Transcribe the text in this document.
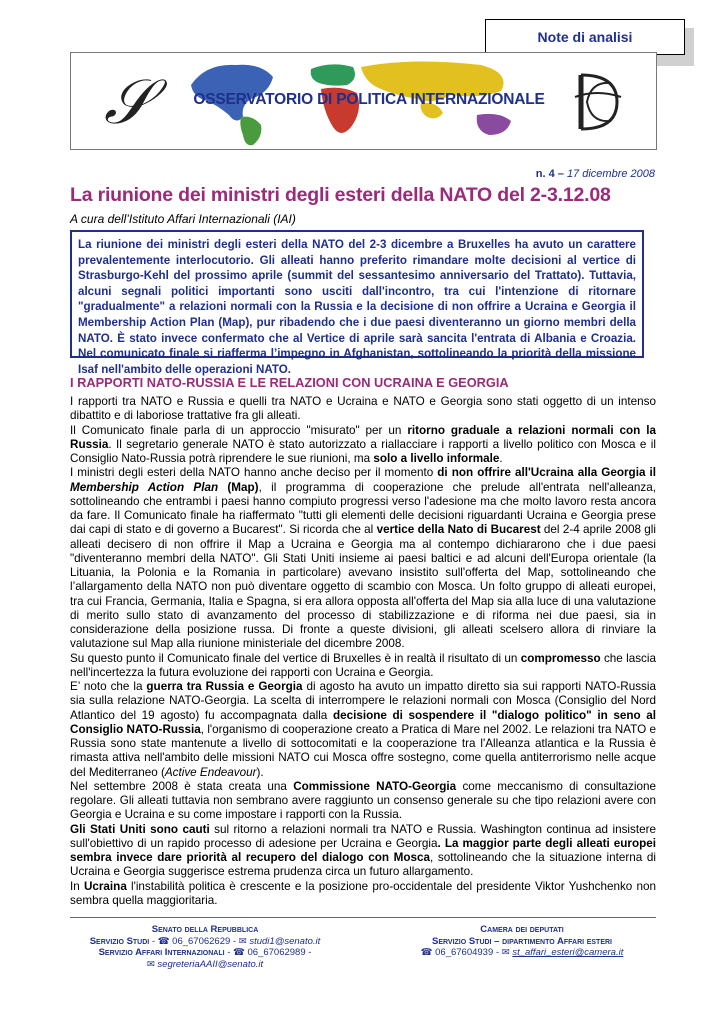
Note di analisi
𝒮	OSSERVATORIO DI POLITICA INTERNAZIONALE
n. 4 – 17 dicembre 2008
La riunione dei ministri degli esteri della NATO del 2-3.12.08
A cura dell’Istituto Affari Internazionali (IAI)
La riunione dei ministri degli esteri della NATO del 2-3 dicembre a Bruxelles ha avuto un carattere prevalentemente interlocutorio. Gli alleati hanno preferito rimandare molte decisioni al vertice di Strasburgo-Kehl del prossimo aprile (summit del sessantesimo anniversario del Trattato). Tuttavia, alcuni segnali politici importanti sono usciti dall'incontro, tra cui l'intenzione di ritornare "gradualmente" a relazioni normali con la Russia e la decisione di non offrire a Ucraina e Georgia il Membership Action Plan (Map), pur ribadendo che i due paesi diventeranno un giorno membri della NATO. È stato invece confermato che al Vertice di aprile sarà sancita l'entrata di Albania e Croazia. Nel comunicato finale si riafferma l’impegno in Afghanistan, sottolineando la priorità della missione Isaf nell'ambito delle operazioni NATO.
I RAPPORTI NATO-RUSSIA E LE RELAZIONI CON UCRAINA E GEORGIA

I rapporti tra NATO e Russia e quelli tra NATO e Ucraina e NATO e Georgia sono stati oggetto di un intenso dibattito e di laboriose trattative fra gli alleati.

Il Comunicato finale parla di un approccio "misurato" per un ritorno graduale a relazioni normali con la Russia. Il segretario generale NATO è stato autorizzato a riallacciare i rapporti a livello politico con Mosca e il Consiglio Nato-Russia potrà riprendere le sue riunioni, ma solo a livello informale.

I ministri degli esteri della NATO hanno anche deciso per il momento di non offrire all'Ucraina alla Georgia il Membership Action Plan (Map), il programma di cooperazione che prelude all'entrata nell'alleanza, sottolineando che entrambi i paesi hanno compiuto progressi verso l'adesione ma che molto lavoro resta ancora da fare. Il Comunicato finale ha riaffermato "tutti gli elementi delle decisioni riguardanti Ucraina e Georgia prese dai capi di stato e di governo a Bucarest". Si ricorda che al vertice della Nato di Bucarest del 2-4 aprile 2008 gli alleati decisero di non offrire il Map a Ucraina e Georgia ma al contempo dichiararono che i due paesi "diventeranno membri della NATO". Gli Stati Uniti insieme ai paesi baltici e ad alcuni dell'Europa orientale (la Lituania, la Polonia e la Romania in particolare) avevano insistito sull'offerta del Map, sottolineando che l’allargamento della NATO non può diventare oggetto di scambio con Mosca. Un folto gruppo di alleati europei, tra cui Francia, Germania, Italia e Spagna, si era allora opposta all'offerta del Map sia alla luce di una valutazione di merito sullo stato di avanzamento del processo di stabilizzazione e di riforma nei due paesi, sia in considerazione della posizione russa. Di fronte a queste divisioni, gli alleati scelsero allora di rinviare la valutazione sul Map alla riunione ministeriale del dicembre 2008.

Su questo punto il Comunicato finale del vertice di Bruxelles è in realtà il risultato di un compromesso che lascia nell'incertezza la futura evoluzione dei rapporti con Ucraina e Georgia.

E’ noto che la guerra tra Russia e Georgia di agosto ha avuto un impatto diretto sia sui rapporti NATO-Russia sia sulla relazione NATO-Georgia. La scelta di interrompere le relazioni normali con Mosca (Consiglio del Nord Atlantico del 19 agosto) fu accompagnata dalla decisione di sospendere il "dialogo politico" in seno al Consiglio NATO-Russia, l'organismo di cooperazione creato a Pratica di Mare nel 2002. Le relazioni tra NATO e Russia sono state mantenute a livello di sottocomitati e la cooperazione tra l'Alleanza atlantica e la Russia è rimasta attiva nell'ambito delle missioni NATO cui Mosca offre sostegno, come quella antiterrorismo nelle acque del Mediterraneo (Active Endeavour).

Nel settembre 2008 è stata creata una Commissione NATO-Georgia come meccanismo di consultazione regolare. Gli alleati tuttavia non sembrano avere raggiunto un consenso generale su che tipo relazioni avere con Georgia e Ucraina e su come impostare i rapporti con la Russia.

Gli Stati Uniti sono cauti sul ritorno a relazioni normali tra NATO e Russia. Washington continua ad insistere sull'obiettivo di un rapido processo di adesione per Ucraina e Georgia. La maggior parte degli alleati europei sembra invece dare priorità al recupero del dialogo con Mosca, sottolineando che la situazione interna di Ucraina e Georgia suggerisce estrema prudenza circa un futuro allargamento.

In Ucraina l'instabilità politica è crescente e la posizione pro-occidentale del presidente Viktor Yushchenko non sembra quella maggioritaria.

Senato della Repubblica
Servizio Studi - ☎ 06_67062629 - ✉ studi1@senato.it
Servizio Affari Internazionali - ☎ 06_67062989 -
✉ segreteriaAAII@senato.it
Camera dei deputati
Servizio Studi – dipartimento Affari esteri
☎ 06_67604939 - ✉ st_affari_esteri@camera.it
